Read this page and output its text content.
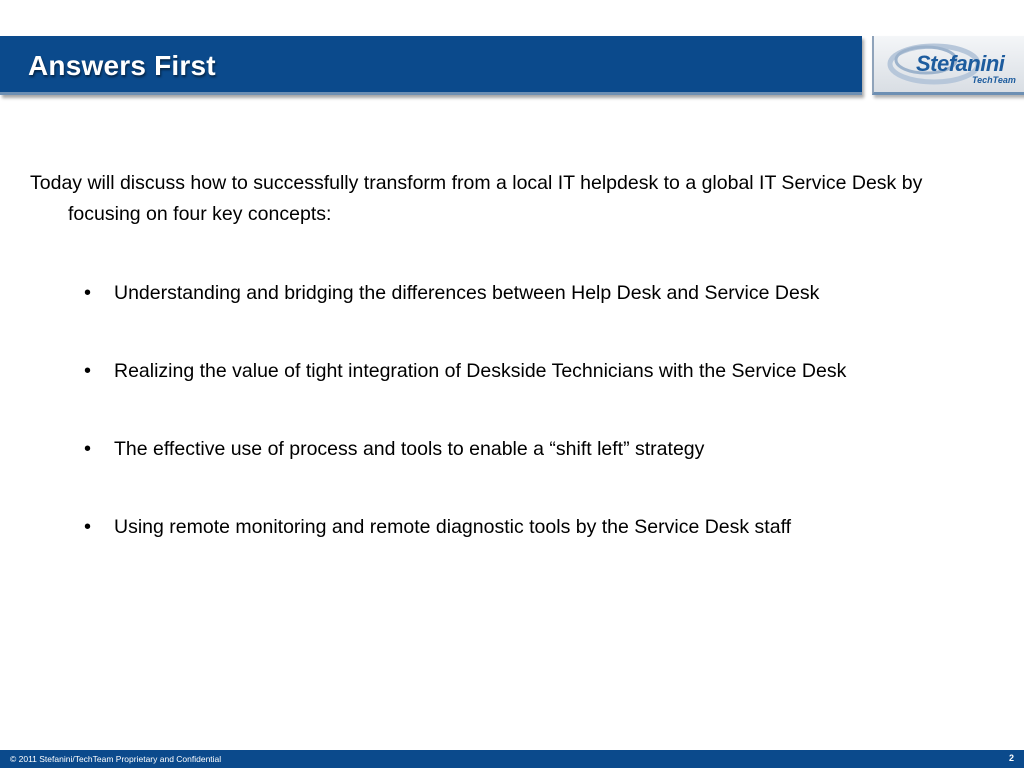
Answers First	Stefanini
TechTeam

Today will discuss how to successfully transform from a local IT helpdesk to a global IT Service Desk by focusing on four key concepts:

• Understanding and bridging the differences between Help Desk and Service Desk
• Realizing the value of tight integration of Deskside Technicians with the Service Desk
• The effective use of process and tools to enable a “shift left” strategy
• Using remote monitoring and remote diagnostic tools by the Service Desk staff
© 2011 Stefanini/TechTeam Proprietary and Confidential	2
